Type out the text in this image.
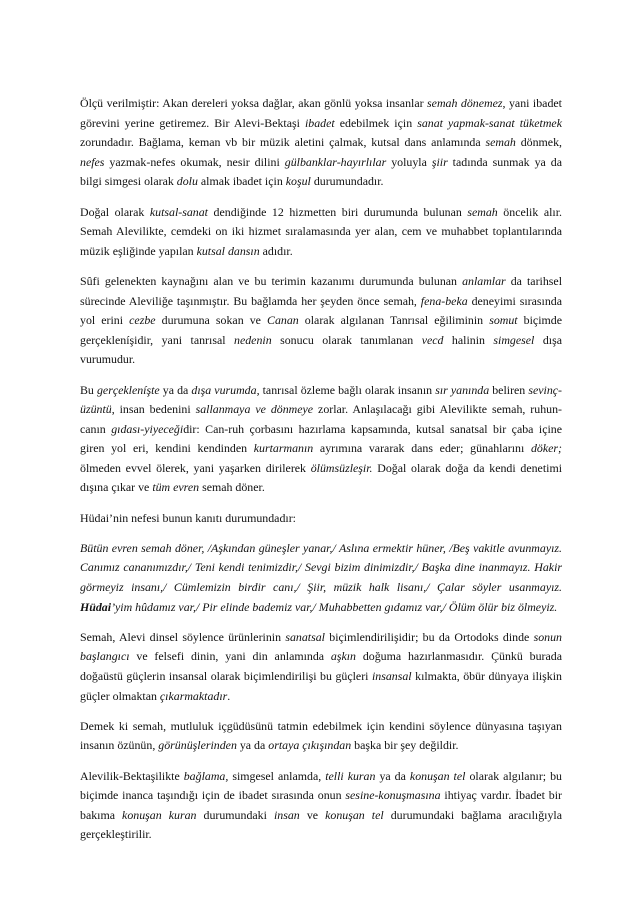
Ölçü verilmiştir: Akan dereleri yoksa dağlar, akan gönlü yoksa insanlar semah dönemez, yani ibadet görevini yerine getiremez. Bir Alevi-Bektaşi ibadet edebilmek için sanat yapmak-sanat tüketmek zorundadır. Bağlama, keman vb bir müzik aletini çalmak, kutsal dans anlamında semah dönmek, nefes yazmak-nefes okumak, nesir dilini gülbanklar-hayırlılar yoluyla şiir tadında sunmak ya da bilgi simgesi olarak dolu almak ibadet için koşul durumundadır.

Doğal olarak kutsal-sanat dendiğinde 12 hizmetten biri durumunda bulunan semah öncelik alır. Semah Alevilikte, cemdeki on iki hizmet sıralamasında yer alan, cem ve muhabbet toplantılarında müzik eşliğinde yapılan kutsal dansın adıdır.

Sûfi gelenekten kaynağını alan ve bu terimin kazanımı durumunda bulunan anlamlar da tarihsel sürecinde Aleviliğe taşınmıştır. Bu bağlamda her şeyden önce semah, fena-beka deneyimi sırasında yol erini cezbe durumuna sokan ve Canan olarak algılanan Tanrısal eğiliminin somut biçimde gerçekleníşidir, yani tanrısal nedenin sonucu olarak tanımlanan vecd halinin simgesel dışa vurumudur.

Bu gerçekleníşte ya da dışa vurumda, tanrısal özleme bağlı olarak insanın sır yanında beliren sevinç-üzüntü, insan bedenini sallanmaya ve dönmeye zorlar. Anlaşılacağı gibi Alevilikte semah, ruhun-canın gıdası-yiyeceğidir: Can-ruh çorbasını hazırlama kapsamında, kutsal sanatsal bir çaba içine giren yol eri, kendini kendinden kurtarmanın ayrımına vararak dans eder; günahlarını döker; ölmeden evvel ölerek, yani yaşarken dirilerek ölümsüzleşir. Doğal olarak doğa da kendi denetimi dışına çıkar ve tüm evren semah döner.

Hüdai’nin nefesi bunun kanıtı durumundadır:

Bütün evren semah döner, /Aşkından güneşler yanar,/ Aslına ermektir hüner, /Beş vakitle avunmayız. Canımız cananımızdır,/ Teni kendi tenimizdir,/ Sevgi bizim dinimizdir,/ Başka dine inanmayız. Hakir görmeyiz insanı,/ Cümlemizin birdir canı,/ Şiir, müzik halk lisanı,/ Çalar söyler usanmayız. Hüdai’yim hûdamız var,/ Pir elinde bademiz var,/ Muhabbetten gıdamız var,/ Ölüm ölür biz ölmeyiz.

Semah, Alevi dinsel söylence ürünlerinin sanatsal biçimlendirilişidir; bu da Ortodoks dinde sonun başlangıcı ve felsefi dinin, yani din anlamında aşkın doğuma hazırlanmasıdır. Çünkü burada doğaüstü güçlerin insansal olarak biçimlendirilişi bu güçleri insansal kılmakta, öbür dünyaya ilişkin güçler olmaktan çıkarmaktadır.

Demek ki semah, mutluluk içgüdüsünü tatmin edebilmek için kendini söylence dünyasına taşıyan insanın özünün, görünüşlerinden ya da ortaya çıkışından başka bir şey değildir.

Alevilik-Bektaşilikte bağlama, simgesel anlamda, telli kuran ya da konuşan tel olarak algılanır; bu biçimde inanca taşındığı için de ibadet sırasında onun sesine-konuşmasına ihtiyaç vardır. İbadet bir bakıma konuşan kuran durumundaki insan ve konuşan tel durumundaki bağlama aracılığıyla gerçekleştirilir.
